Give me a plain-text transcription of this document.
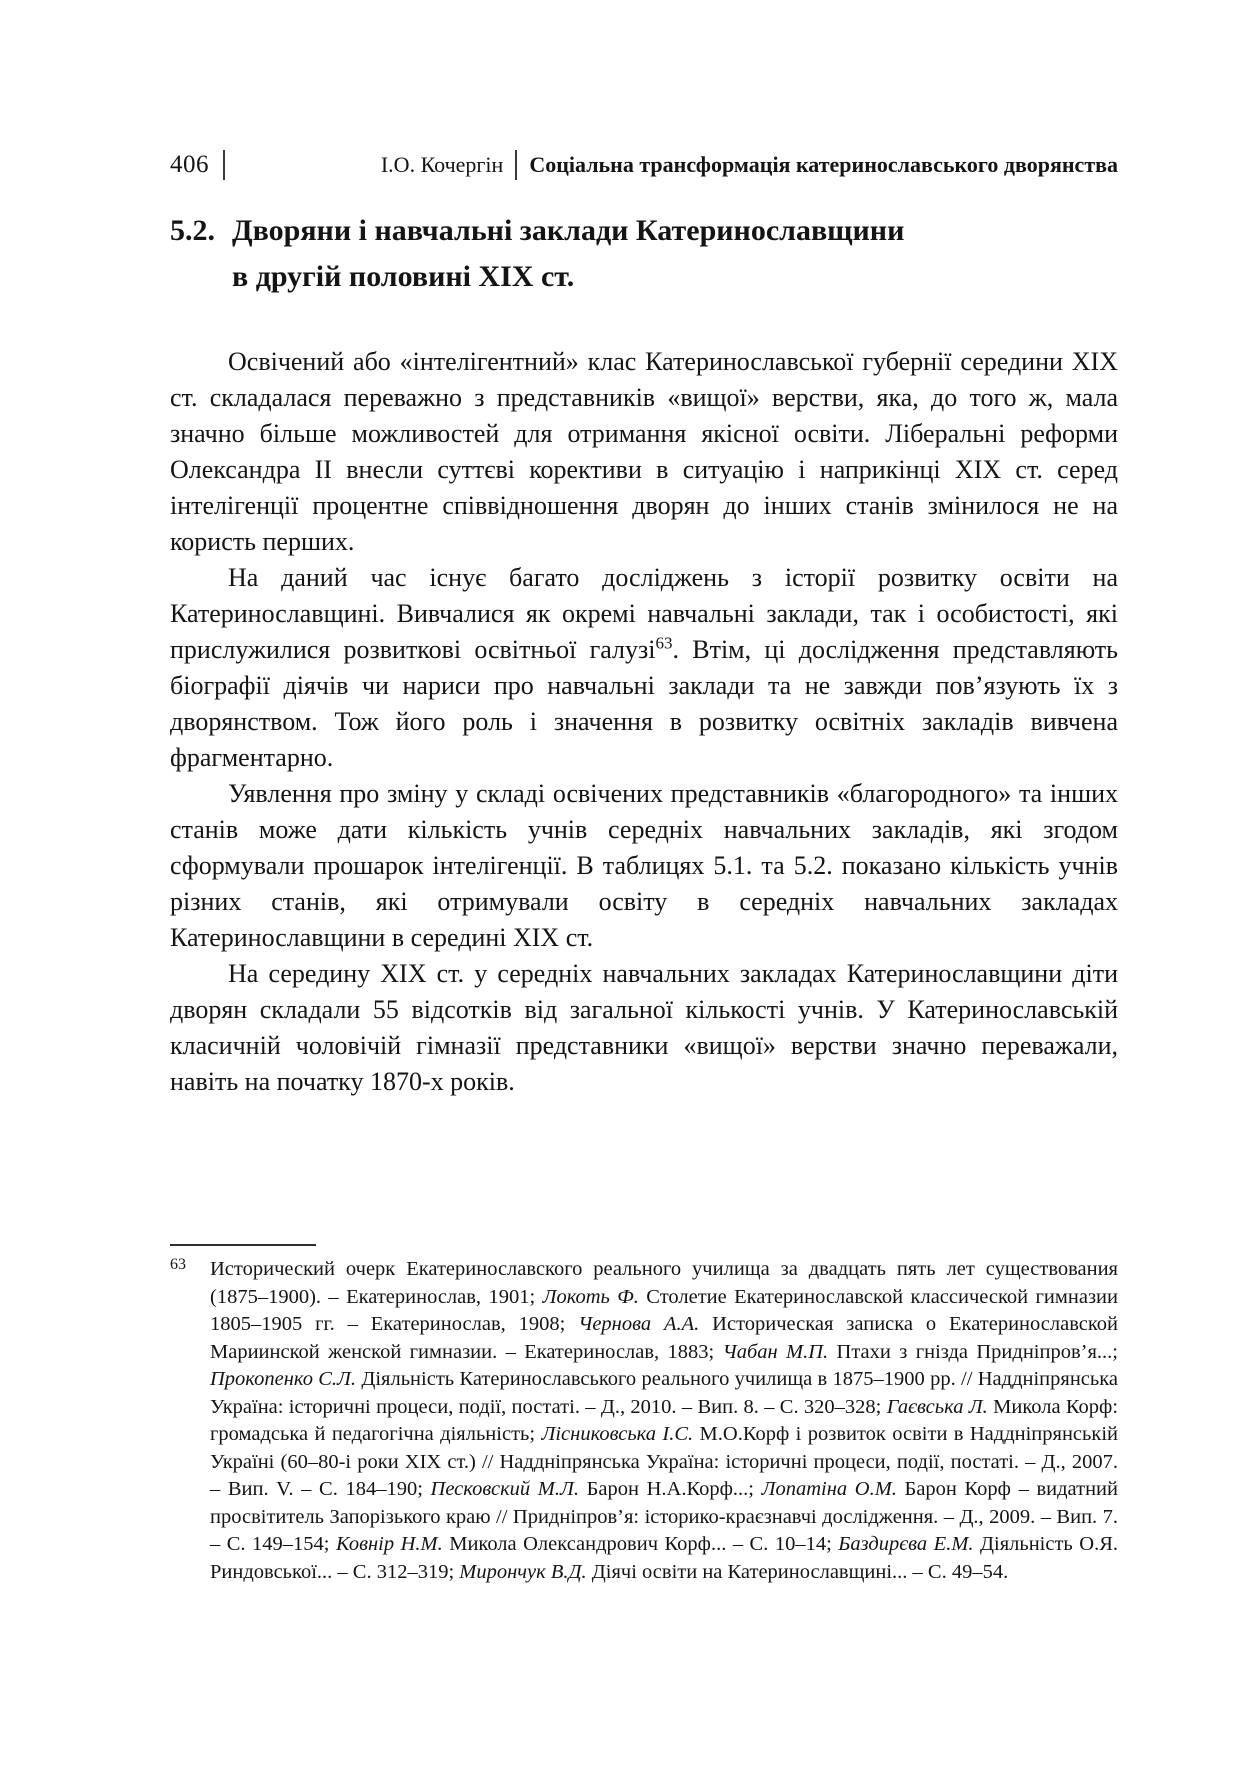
406	І.О. Кочергін Соціальна трансформація катеринославського дворянства
5.2. Дворяни і навчальні заклади Катеринославщини
в другій половині XIX ст.

Освічений або «інтелігентний» клас Катеринославської губернії середини XIX ст. складалася переважно з представників «вищої» верстви, яка, до того ж, мала значно більше можливостей для отримання якісної освіти. Ліберальні реформи Олександра II внесли суттєві корективи в ситуацію і наприкінці XIX ст. серед інтелігенції процентне співвідношення дворян до інших станів змінилося не на користь перших.

На даний час існує багато досліджень з історії розвитку освіти на Катеринославщині. Вивчалися як окремі навчальні заклади, так і особистості, які прислужилися розвиткові освітньої галузі$^{63}$. Втім, ці дослідження представляють біографії діячів чи нариси про навчальні заклади та не завжди пов’язують їх з дворянством. Тож його роль і значення в розвитку освітніх закладів вивчена фрагментарно.

Уявлення про зміну у складі освічених представників «благородного» та інших станів може дати кількість учнів середніх навчальних закладів, які згодом сформували прошарок інтелігенції. В таблицях 5.1. та 5.2. показано кількість учнів різних станів, які отримували освіту в середніх навчальних закладах Катеринославщини в середині XIX ст.

На середину XIX ст. у середніх навчальних закладах Катеринославщини діти дворян складали 55 відсотків від загальної кількості учнів. У Катеринославській класичній чоловічій гімназії представники «вищої» верстви значно переважали, навіть на початку 1870-х років.

63 Исторический очерк Екатеринославского реального училища за двадцать пять лет существования (1875–1900). – Екатеринослав, 1901; Локоть Ф. Столетие Екатеринославской классической гимназии 1805–1905 гг. – Екатеринослав, 1908; Чернова А.А. Историческая записка о Екатеринославской Мариинской женской гимназии. – Екатеринослав, 1883; Чабан М.П. Птахи з гнізда Придніпров’я...; Прокопенко С.Л. Діяльність Катеринославського реального училища в 1875–1900 рр. // Наддніпрянська Україна: історичні процеси, події, постаті. – Д., 2010. – Вип. 8. – С. 320–328; Гаєвська Л. Микола Корф: громадська й педагогічна діяльність; Лісниковська І.С. М.О.Корф і розвиток освіти в Наддніпрянській Україні (60–80-і роки XIX ст.) // Наддніпрянська Україна: історичні процеси, події, постаті. – Д., 2007. – Вип. V. – С. 184–190; Песковский М.Л. Барон Н.А.Корф...; Лопатіна О.М. Барон Корф – видатний просвітитель Запорізького краю // Придніпров’я: історико-краєзнавчі дослідження. – Д., 2009. – Вип. 7. – С. 149–154; Ковнір Н.М. Микола Олександрович Корф... – С. 10–14; Баздирєва Е.М. Діяльність О.Я. Риндовської... – С. 312–319; Мирончук В.Д. Діячі освіти на Катеринославщині... – С. 49–54.
